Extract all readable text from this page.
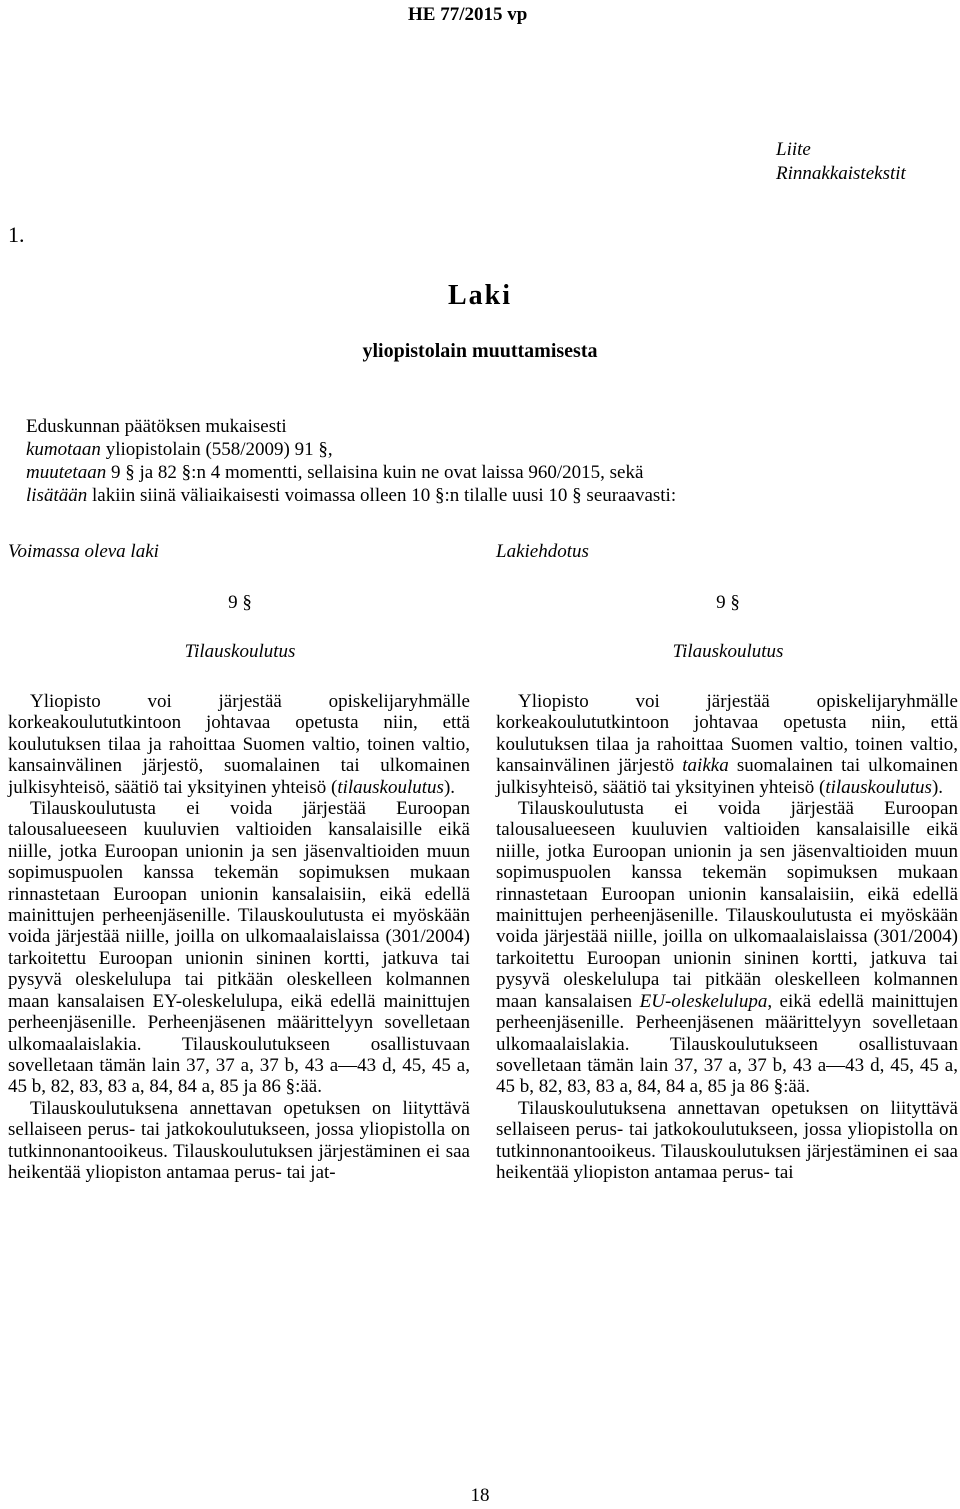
HE 77/2015 vp
Liite
Rinnakkaistekstit
1.
Laki
yliopistolain muuttamisesta
Eduskunnan päätöksen mukaisesti
kumotaan yliopistolain (558/2009) 91 §,
muutetaan 9 § ja 82 §:n 4 momentti, sellaisina kuin ne ovat laissa 960/2015, sekä
lisätään lakiin siinä väliaikaisesti voimassa olleen 10 §:n tilalle uusi 10 § seuraavasti:
Voimassa oleva laki	Lakiehdotus
9 §	9 §
Tilauskoulutus	Tilauskoulutus

Yliopisto voi järjestää opiskelijaryhmälle korkeakoulututkintoon johtavaa opetusta niin, että koulutuksen tilaa ja rahoittaa Suomen valtio, toinen valtio, kansainvälinen järjestö, suomalainen tai ulkomainen julkisyhteisö, säätiö tai yksityinen yhteisö (tilauskoulutus).

Tilauskoulutusta ei voida järjestää Euroopan talousalueeseen kuuluvien valtioiden kansalaisille eikä niille, jotka Euroopan unionin ja sen jäsenvaltioiden muun sopimuspuolen kanssa tekemän sopimuksen mukaan rinnastetaan Euroopan unionin kansalaisiin, eikä edellä mainittujen perheenjäsenille. Tilauskoulutusta ei myöskään voida järjestää niille, joilla on ulkomaalaislaissa (301/2004) tarkoitettu Euroopan unionin sininen kortti, jatkuva tai pysyvä oleskelulupa tai pitkään oleskelleen kolmannen maan kansalaisen EY-oleskelulupa, eikä edellä mainittujen perheenjäsenille. Perheenjäsenen määrittelyyn sovelletaan ulkomaalaislakia. Tilauskoulutukseen osallistuvaan sovelletaan tämän lain 37, 37 a, 37 b, 43 a—43 d, 45, 45 a, 45 b, 82, 83, 83 a, 84, 84 a, 85 ja 86 §:ää.

Tilauskoulutuksena annettavan opetuksen on liityttävä sellaiseen perus- tai jatkokoulutukseen, jossa yliopistolla on tutkinnonantooikeus. Tilauskoulutuksen järjestäminen ei saa heikentää yliopiston antamaa perus- tai jat-

Yliopisto voi järjestää opiskelijaryhmälle korkeakoulututkintoon johtavaa opetusta niin, että koulutuksen tilaa ja rahoittaa Suomen valtio, toinen valtio, kansainvälinen järjestö taikka suomalainen tai ulkomainen julkisyhteisö, säätiö tai yksityinen yhteisö (tilauskoulutus).

Tilauskoulutusta ei voida järjestää Euroopan talousalueeseen kuuluvien valtioiden kansalaisille eikä niille, jotka Euroopan unionin ja sen jäsenvaltioiden muun sopimuspuolen kanssa tekemän sopimuksen mukaan rinnastetaan Euroopan unionin kansalaisiin, eikä edellä mainittujen perheenjäsenille. Tilauskoulutusta ei myöskään voida järjestää niille, joilla on ulkomaalaislaissa (301/2004) tarkoitettu Euroopan unionin sininen kortti, jatkuva tai pysyvä oleskelulupa tai pitkään oleskelleen kolmannen maan kansalaisen EU-oleskelulupa, eikä edellä mainittujen perheenjäsenille. Perheenjäsenen määrittelyyn sovelletaan ulkomaalaislakia. Tilauskoulutukseen osallistuvaan sovelletaan tämän lain 37, 37 a, 37 b, 43 a—43 d, 45, 45 a, 45 b, 82, 83, 83 a, 84, 84 a, 85 ja 86 §:ää.

Tilauskoulutuksena annettavan opetuksen on liityttävä sellaiseen perus- tai jatkokoulutukseen, jossa yliopistolla on tutkinnonantooikeus. Tilauskoulutuksen järjestäminen ei saa heikentää yliopiston antamaa perus- tai

18
